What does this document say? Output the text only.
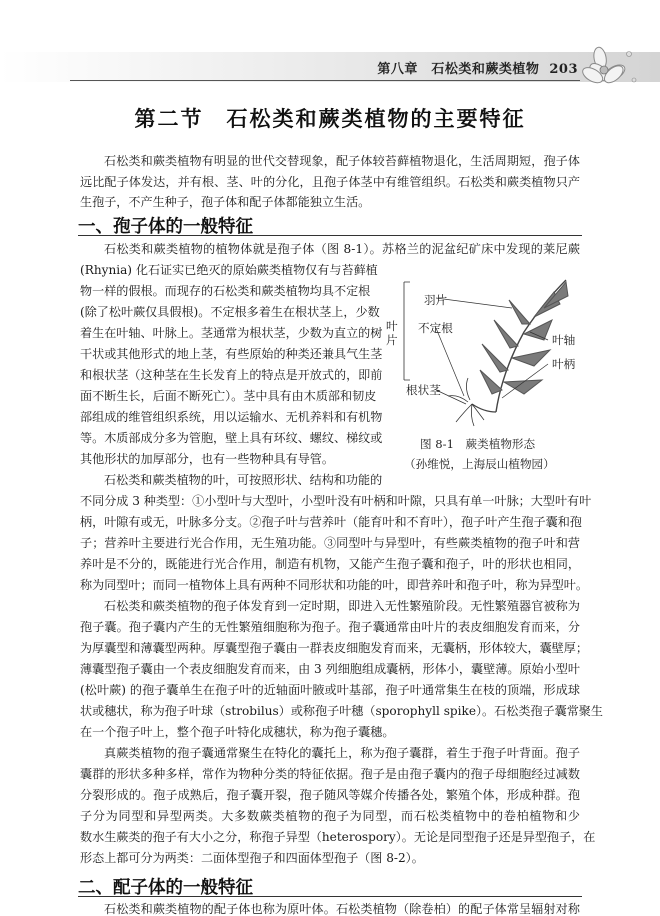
第八章　石松类和蕨类植物 203
第二节　石松类和蕨类植物的主要特征
石松类和蕨类植物有明显的世代交替现象，配子体较苔藓植物退化，生活周期短，孢子体
远比配子体发达，并有根、茎、叶的分化，且孢子体茎中有维管组织。石松类和蕨类植物只产
生孢子，不产生种子，孢子体和配子体都能独立生活。
一、孢子体的一般特征
石松类和蕨类植物的植物体就是孢子体（图 8-1）。苏格兰的泥盆纪矿床中发现的莱尼蕨
(Rhynia) 化石证实已绝灭的原始蕨类植物仅有与苔藓植
物一样的假根。而现存的石松类和蕨类植物均具不定根
(除了松叶蕨仅具假根)。不定根多着生在根状茎上，少数
着生在叶轴、叶脉上。茎通常为根状茎，少数为直立的树
干状或其他形式的地上茎，有些原始的种类还兼具气生茎
和根状茎（这种茎在生长发育上的特点是开放式的，即前
面不断生长，后面不断死亡）。茎中具有由木质部和韧皮
部组成的维管组织系统，用以运输水、无机养料和有机物
等。木质部成分多为管胞，壁上具有环纹、螺纹、梯纹或
其他形状的加厚部分，也有一些物种具有导管。
石松类和蕨类植物的叶，可按照形状、结构和功能的
不同分成 3 种类型：①小型叶与大型叶，小型叶没有叶柄和叶隙，只具有单一叶脉；大型叶有叶
柄，叶隙有或无，叶脉多分支。②孢子叶与营养叶（能育叶和不育叶），孢子叶产生孢子囊和孢
子；营养叶主要进行光合作用，无生殖功能。③同型叶与异型叶，有些蕨类植物的孢子叶和营
养叶是不分的，既能进行光合作用，制造有机物，又能产生孢子囊和孢子，叶的形状也相同，
称为同型叶；而同一植物体上具有两种不同形状和功能的叶，即营养叶和孢子叶，称为异型叶。
石松类和蕨类植物的孢子体发育到一定时期，即进入无性繁殖阶段。无性繁殖器官被称为
孢子囊。孢子囊内产生的无性繁殖细胞称为孢子。孢子囊通常由叶片的表皮细胞发育而来，分
为厚囊型和薄囊型两种。厚囊型孢子囊由一群表皮细胞发育而来，无囊柄，形体较大，囊壁厚；
薄囊型孢子囊由一个表皮细胞发育而来，由 3 列细胞组成囊柄，形体小，囊壁薄。原始小型叶
(松叶蕨) 的孢子囊单生在孢子叶的近轴面叶腋或叶基部，孢子叶通常集生在枝的顶端，形成球
状或穗状，称为孢子叶球（strobilus）或称孢子叶穗（sporophyll spike）。石松类孢子囊常聚生
在一个孢子叶上，整个孢子叶特化成穗状，称为孢子囊穗。
真蕨类植物的孢子囊通常聚生在特化的囊托上，称为孢子囊群，着生于孢子叶背面。孢子
囊群的形状多种多样，常作为物种分类的特征依据。孢子是由孢子囊内的孢子母细胞经过减数
分裂形成的。孢子成熟后，孢子囊开裂，孢子随风等媒介传播各处，繁殖个体，形成种群。孢
子分为同型和异型两类。大多数蕨类植物的孢子为同型，而石松类植物中的卷柏植物和少
数水生蕨类的孢子有大小之分，称孢子异型（heterospory）。无论是同型孢子还是异型孢子，在
形态上都可分为两类：二面体型孢子和四面体型孢子（图 8-2）。
二、配子体的一般特征
石松类和蕨类植物的配子体也称为原叶体。石松类植物（除卷柏）的配子体常呈辐射对称
羽片
不定根
叶轴
叶柄
根状茎
叶片
图 8-1　蕨类植物形态
（孙维悦，上海辰山植物园）
